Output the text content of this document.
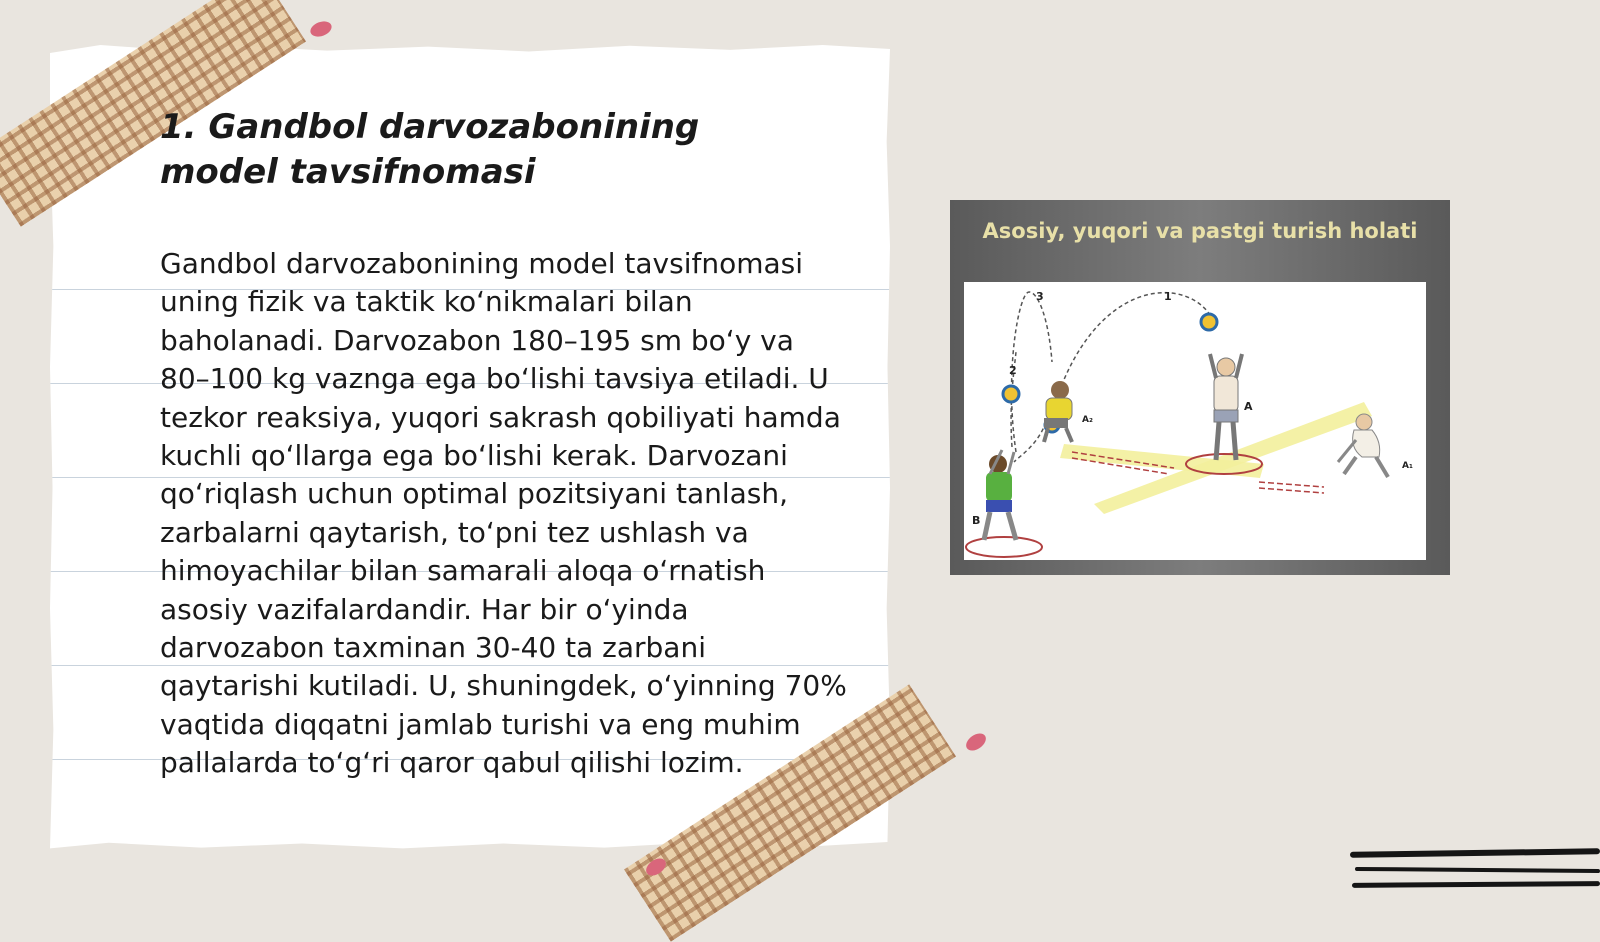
1. Gandbol darvozabonining model tavsifnomasi

Gandbol darvozabonining model tavsifnomasi uning fizik va taktik koʻnikmalari bilan baholanadi. Darvozabon 180–195 sm boʻy va 80–100 kg vaznga ega boʻlishi tavsiya etiladi. U tezkor reaksiya, yuqori sakrash qobiliyati hamda kuchli qoʻllarga ega boʻlishi kerak. Darvozani qoʻriqlash uchun optimal pozitsiyani tanlash, zarbalarni qaytarish, toʻpni tez ushlash va himoyachilar bilan samarali aloqa oʻrnatish asosiy vazifalardandir. Har bir oʻyinda darvozabon taxminan 30-40 ta zarbani qaytarishi kutiladi. U, shuningdek, oʻyinning 70% vaqtida diqqatni jamlab turishi va eng muhim pallalarda toʻgʻri qaror qabul qilishi lozim.

Asosiy, yuqori va pastgi turish holati
3	1
2
A
A₂
A₁
B
